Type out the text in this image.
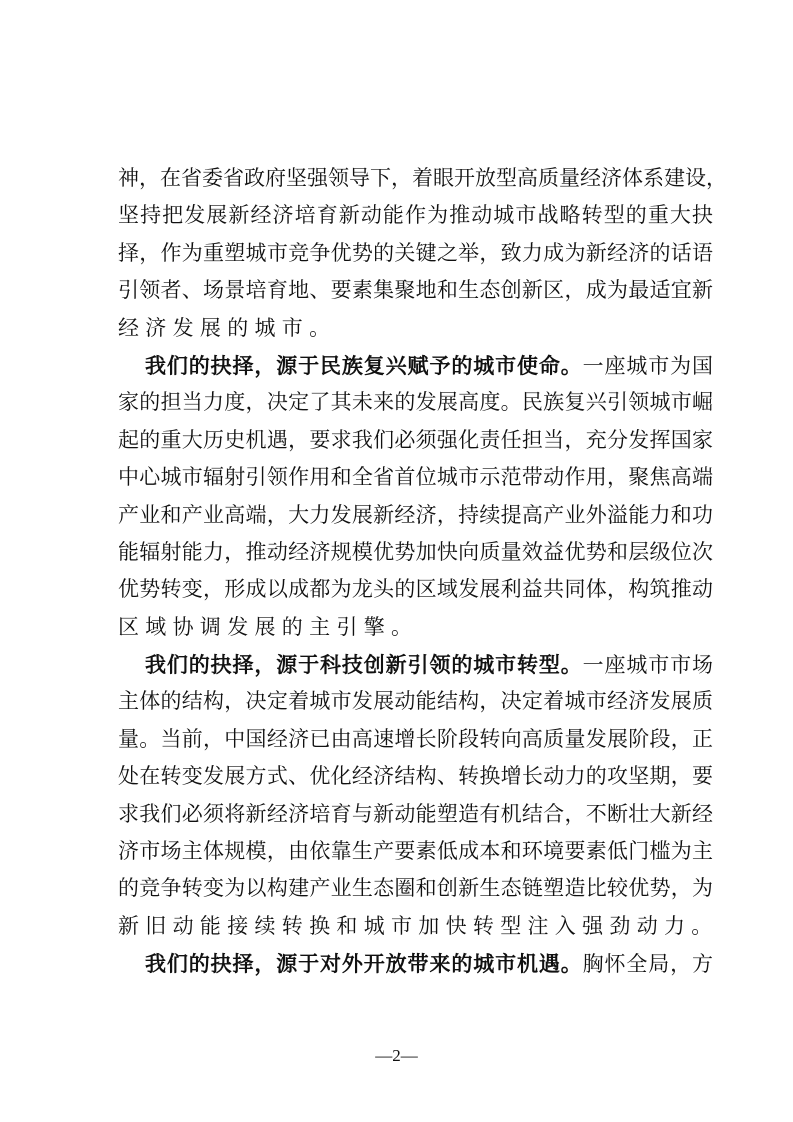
神，在省委省政府坚强领导下，着眼开放型高质量经济体系建设，
坚持把发展新经济培育新动能作为推动城市战略转型的重大抉
择，作为重塑城市竞争优势的关键之举，致力成为新经济的话语
引领者、场景培育地、要素集聚地和生态创新区，成为最适宜新
经济发展的城市。
我们的抉择，源于民族复兴赋予的城市使命。一座城市为国
家的担当力度，决定了其未来的发展高度。民族复兴引领城市崛
起的重大历史机遇，要求我们必须强化责任担当，充分发挥国家
中心城市辐射引领作用和全省首位城市示范带动作用，聚焦高端
产业和产业高端，大力发展新经济，持续提高产业外溢能力和功
能辐射能力，推动经济规模优势加快向质量效益优势和层级位次
优势转变，形成以成都为龙头的区域发展利益共同体，构筑推动
区域协调发展的主引擎。
我们的抉择，源于科技创新引领的城市转型。一座城市市场
主体的结构，决定着城市发展动能结构，决定着城市经济发展质
量。当前，中国经济已由高速增长阶段转向高质量发展阶段，正
处在转变发展方式、优化经济结构、转换增长动力的攻坚期，要
求我们必须将新经济培育与新动能塑造有机结合，不断壮大新经
济市场主体规模，由依靠生产要素低成本和环境要素低门槛为主
的竞争转变为以构建产业生态圈和创新生态链塑造比较优势，为
新旧动能接续转换和城市加快转型注入强劲动力。
我们的抉择，源于对外开放带来的城市机遇。胸怀全局，方
—2—
